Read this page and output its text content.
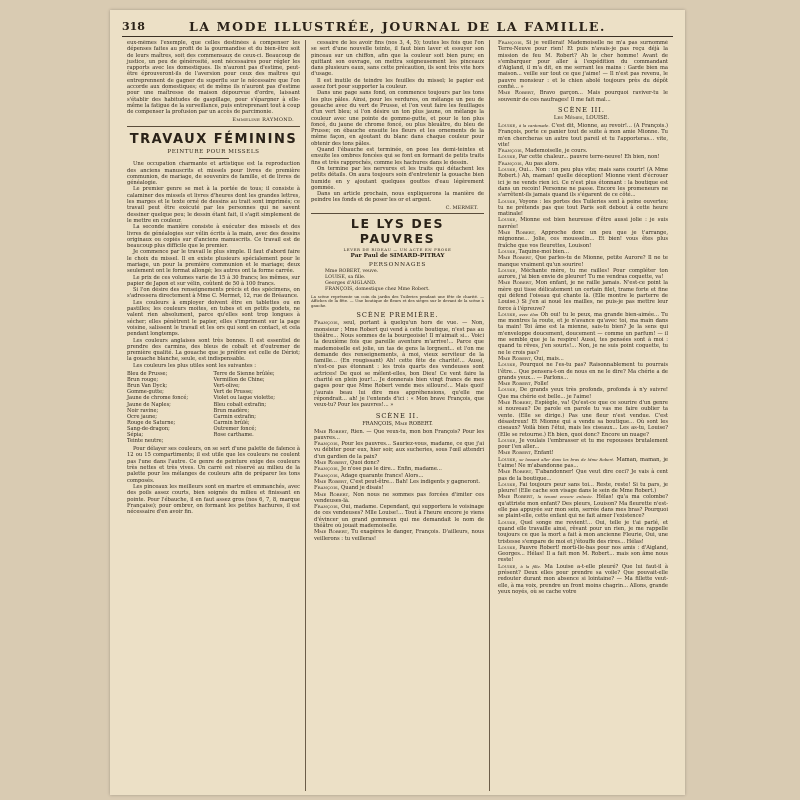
318	LA MODE ILLUSTRÉE, JOURNAL DE LA FAMILLE.

eux-mêmes l'exemple, que celles destinées à compenser les dépenses faites au profit de la gourmandise et du bien-être soit de leurs maîtres, soit des commensaux de ceux-ci. Beaucoup de justice, un peu de générosité, sont nécessaires pour régler les rapports avec les domestiques. Ils n'auront pas d'estime, peut-être éprouveront-ils de l'aversion pour ceux des maîtres qui entreprennent de gagner du superflu sur le nécessaire que l'on accorde aux domestiques; et de même ils n'auront pas d'estime pour une maîtresse de maison dépourvue d'ordre, laissant s'établir des habitudes de gaspillage, pour s'épargner à elle-même la fatigue de la surveillance, puis entreprenant tout à coup de compenser la profusion par un accès de parcimonie.

Emmeline RAYMOND.
TRAVAUX FÉMININS
PEINTURE POUR MISSELS

Une occupation charmante et artistique est la reproduction des anciens manuscrits et missels pour livres de première communion, de mariage, de souvenirs de famille, et de livres de généalogie.

Le premier genre se met à la portée de tous; il consiste à calaminer des missels et livres d'heures dont les grandes lettres, les marges et le texte orné de dessins au trait sont imprimés; ce travail peut être exécuté par les personnes qui ne savent dessiner quelque peu; le dessin étant fait, il s'agit simplement de le mettre en couleur.

La seconde manière consiste à exécuter des missels et des livres de généalogies sur vélin écrits à la main, avec des dessins originaux ou copiés sur d'anciens manuscrits. Ce travail est de beaucoup plus difficile que le premier.

Je commence par le travail le plus simple. Il faut d'abord faire le choix du missel. Il en existe plusieurs spécialement pour le mariage, un pour la première communion et le mariage; deux seulement ont le format allongé; les autres ont la forme carrée.

Le prix de ces volumes varie de 15 à 30 francs; les mêmes, sur papier de Japon et sur vélin, coûtent de 50 à 100 francs.

Si l'on désire des renseignements précis et des spécimens, on s'adressera directement à Mme C. Mermet, 12, rue de Bréaunce.

Les couleurs à employer doivent être en tablettes ou en pastilles; les couleurs moites, en tubes et en petits godets, ne valent rien absolument, parce qu'elles sont trop longues à sécher; elles pénètrent le papier, elles s'impriment sur la page voisine, salissent le travail et les ors qui sont en contact, et cela pendant longtemps.

Les couleurs anglaises sont très bonnes. Il est essentiel de prendre des carmins, des bleus de cobalt et d'outremer de première qualité. La gouache que je préfère est celle de Dériot; la gouache blanche, seule, est indispensable.

Les couleurs les plus utiles sont les suivantes :

Bleu de Prusse;
Brun rouge;
Brun Van Dyck;
Gomme-gutte;
Jaune de chrome foncé;
Jaune de Naples;
Noir ravine;
Ocre jaune;
Rouge de Saturne;
Sang-de-dragon;
Sépia;
Teinte neutre;
Terre de Sienne brûlée;
Vermillon de Chine;
Vert-olive;
Vert de Prusse;
Violet ou laque violette;
Bleu cobalt extrafin;
Brun madère;
Carmin extrafin;
Carmin brûlé;
Outremer foncé;
Rose carthame.

Pour délayer ses couleurs, on se sert d'une palette de faïence à 12 ou 15 compartiments; il est utile que les couleurs ne coulent pas l'une dans l'autre. Ce genre de peinture exige des couleurs très nettes et très vives. Un carré est réservé au milieu de la palette pour les mélanges de couleurs afin de préparer les tons composés.

Les pinceaux les meilleurs sont en martre et emmanchés, avec des poils assez courts, bien soignés du milieu et finissant en pointe. Pour l'ébauche, il en faut assez gros (nos 6, 7, 8, marque Française); pour ombrer, on formant les petites hachures, il est nécessaire d'en avoir fin.

cessaire de les avoir fins (nos 3, 4, 5); toutes les fois que l'on se sert d'une nouvelle teinte, il faut bien laver et essuyer son pinceau sur un chiffon, afin que la couleur soit bien pure; en quittant son ouvrage, on mettra soigneusement les pinceaux dans plusieurs eaux, sans cette précaution, ils sont très vite hors d'usage.

Il est inutile de teindre les feuilles du missel; le papier est assez fort pour supporter la couleur.

Dans une page sans fond, on commence toujours par les tons les plus pâles. Ainsi, pour les verdures, on mélange un peu de gouache avec du vert de Prusse, et l'on veut faire les feuillages d'un vert bleu; si l'on désire un ton plus jaune, on mélange la couleur avec une pointe de gomme-gutte, et pour le ton plus foncé, du jaune de chrome foncé, ou plus bleuâtre, du bleu de Prusse; on ébauche ensuite les fleurs et les ornements de la même façon, en ajoutant du blanc dans chaque couleur pour obtenir des tons pâles.

Quand l'ébauche est terminée, on pose les demi-teintes et ensuite les ombres foncées qui se font en formant de petits traits fins et très rapprochés, comme les hachures dans le dessin.

On termine par les nervures et les traits qui détachent les petits détails. On aura toujours soin d'entretenir la gouache bien humide en y ajoutant quelques gouttes d'eau légèrement gommée.

Dans un article prochain, nous expliquerons la manière de peindre les fonds et de poser les or et argent.

C. MERMET.
LE LYS DES PAUVRES
LEVER DE RIDEAU — UN ACTE EN PROSE
Par Paul de SIMARD-PITRAY
PERSONNAGES
Mme ROBERT, veuve.
LOUISE, sa fille.
Georges d'AIGLAND.
FRANÇOIS, domestique chez Mme Robert.
La scène représente un coin du jardin des Tuileries pendant une fête de charité. — Affiches de la fête. — Une boutique de fleurs et des sièges sur le devant de la scène à gauche.
SCÈNE PREMIÈRE.

François, seul, portant à quelqu'un hors de vue. — Non, monsieur ; Mme Robert qui vend à cette boutique, n'est pas au théâtre... Nous sommes de la bourgeoisie! Il m'aimait si... Voici la deuxième fois que pareille aventure m'arrive!... Parce que mademoiselle est jolie, un tas de gens la lorgnent... et l'on me demande des renseignements, à moi, vieux serviteur de la famille... (En rougissant) Ah! cette fête de charité!... Aussi, n'est-ce pas étonnant : les trois quarts des vendeuses sont actrices! De quoi se mêlent-elles, bon Dieu! Ce vent faire la charité en plein jour!... Je donnerais bien vingt francs de mes gages pour que Mme Robert vende mes sillours!... Mais quoi! j'aurais beau lui dire mes appréhensions, qu'elle me répondrait... ah! je l'entends d'ici : « Mon brave François, que veux-tu? Pour les pauvres!... »

SCÈNE II.
FRANÇOIS, Mme ROBERT.

Mme Robert, Rien. — Que veux-tu, mon bon François? Pour les pauvres...

François, Pour les pauvres... Sauriez-vous, madame, ce que j'ai vu débiter pour eux, hier soir, aux sucheries, sous l'œil attendri d'un gardien de la paix?

Mme Robert, Quoi donc?

François, Je n'ose pas le dire... Enfin, madame...

François, Adage quarante francs! Alors...

Mme Robert, C'est peut-être... Bah! Les indigents y gagneront.

François, Quand je disais!

Mme Robert, Non nous ne sommes pas forcées d'imiter ces vendeuses-là.

François, Oui, madame. Cependant, qui supportera le voisinage de ces vendeuses? Mlle Louise!... Tout à l'heure encore je viens d'évincer un grand gommeux qui me demandait le nom de théâtre où jouait mademoiselle.

Mme Robert, Tu exagères le danger, François. D'ailleurs, nous veillerons : tu veilleras!

François, Si je veillerai! Mademoiselle ne m'a pas surnommé Terre-Neuve pour rien! Et puis n'avais-je pas reçu déjà la mission de feu M. Robert? Ah le cher homme! Avant de s'embarquer pour aller à l'expédition du commandant d'Aigland, il m'a dit, en me serrant les mains : Garde bien ma maison... veille sur tout ce que j'aime! — Il n'est pas revenu, le pauvre monsieur : et le chien abolé toujours près du dépôt confié... »

Mme Robert, Bravo garçon... Mais pourquoi raviver-tu le souvenir de ces naufrages! Il me fait mal...

SCÈNE III.
Les Mêmes, LOUISE.

Louise, à la cantonade. C'est dit, Mionne, au revoir!... (A François.) François, porte ce panier tout de suite à mon amie Mionne. Tu m'en chercheras un autre tout pareil et tu l'apporteras... vite, vite!

François, Mademoiselle, je cours.

Louise, Par cette chaleur... pauvre terre-neuve! Eh bien, non!

François, Au pas alors.

Louise, Oui... Non : un peu plus vite; mais sans courir! (A Mme Robert.) Ah, maman! quelle déception! Mionne vient d'écrouer ici je ne vends rien ici. Ce n'est plus étonnant : la boutique est dans un recoin! Personne ne passe. Encore les promeneurs ne s'arrêtent-ils jamais quand ils s'égarent de ce côté...

Louise, Voyons : les portes des Tuileries sont à peine ouvertes; tu ne prétends pas que tout Paris soit debout à cette heure matinale!

Louise, Mionne est bien heureuse d'être aussi jolie : je suis navrée!

Mme Robert, Approche donc un peu que je t'arrange, mignonne... Jolie, ces mousselin... Et bien! vous êtes plus fraîche que vos fleurettes, Louison!

Louise, Taquine-moi bien...

Mme Robert, Que parles-tu de Mionne, petite Aurore? Il ne te manque vraiment qu'un sourire!

Louise, Méchante mère, tu me railles! Pour compléter ton aurore, j'ai bien envie de pleurer! Tu me vendras coquette, va!

Mme Robert, Mon enfant, je ne raille jamais. N'est-ce point la mère qui tisse délicatement un certain filet, trame forte et fine qui défend l'oiseau qui chante là. (Elle montre le parterre de Louise.) Si j'en ai noué les mailles, ne puis-je pas mettre leur force à l'épreuve?

Louise, avec élan Oh oui! tu le peux, ma grande bien-aimée... Tu me montres la route, et je n'avance qu'avec toi, ma main dans ta main! Toi âme est la mienne, sais-tu bien? Je la sens qui m'enveloppe doucement, doucement — comme un parfum! — il me semble que je la respire! Aussi, tes pensées sont à moi : quand tu rêves, j'en souris!... Non, je ne suis point coquette, tu ne le crois pas?

Mme Robert, Oui, mais...

Louise, Pourquoi ne l'es-tu pas? Raisonnablement tu pourrais l'être... Que pensera-t-on de nous en ne le dire? Ma chérie a de grands yeux... — Parlons...

Mme Robert, Folle!

Louise, De grands yeux très profonds, profonds à n'y suivre! Que ma chérie est belle... je l'aime!

Mme Robert, Espiègle, va! Qu'est-ce que ce sourire d'un genre si nouveau? De parole en parole tu vas me faire oublier ta vente. (Elle se dirige.) Pas une fleur n'est vendue. C'est désastreux! Et Mionne qui a vendu sa boutique... Où sont les ciseaux? Voilà bien l'étui, mais les ciseaux... Les as-tu, Louise? (Elle se retourne.) Eh bien, quoi donc? Encore un nuage?

Louise, Je voulais l'embrasser et tu me repousses brutalement pour l'en aller...

Mme Robert, Enfant!

Louise, se lassant aller dans les bras de Mme Robert. Maman, maman, je t'aime! Ne m'abandonne pas...

Mme Robert, T'abandonner! Que veut dire ceci? Je vais à cent pas de la boutique...

Louise, Fai toujours peur sans toi... Reste, reste! Si tu pars, je pleure! (Elle cache son visage dans le sein de Mme Robert.)

Mme Robert, la tenant encore enlacée. Hélas! qu'a ma colombe? qu'attriste mon enfant? Des pleurs, Louison? Ma fleurette n'est-elle pas appuyée sur mon sein, serrée dans mes bras? Pourquoi se plaint-elle, cette enfant qui ne fait aimer l'existence?

Louise, Quel songe me revient!... Oui, telle je t'ai parlé, et quand elle travaille ainsi, rêvant pour un rien, je me rappelle toujours ce que la mort a fait à mon ancienne Fleurie, Oui, une tristesse s'empare de moi et j'étouffe des rires... Hélas!

Louise, Pauvre Robert! morti-lle-bas pour nos amis : d'Aigland, Georges... Hélas! Il a fait mon M. Robert... mais son âme nous reste!

Louise, à la fille. Ma Louise a-t-elle pleuré? Que lui faut-il à présent? Deux elles pour prendre sa voile? Que pouvait-elle redouter durant mon absence si lointaine? — Ma fillette veut-elle, à ma voix, prendre un front moins chagrin... Allons, grande yeux noyés, où se cache votre
